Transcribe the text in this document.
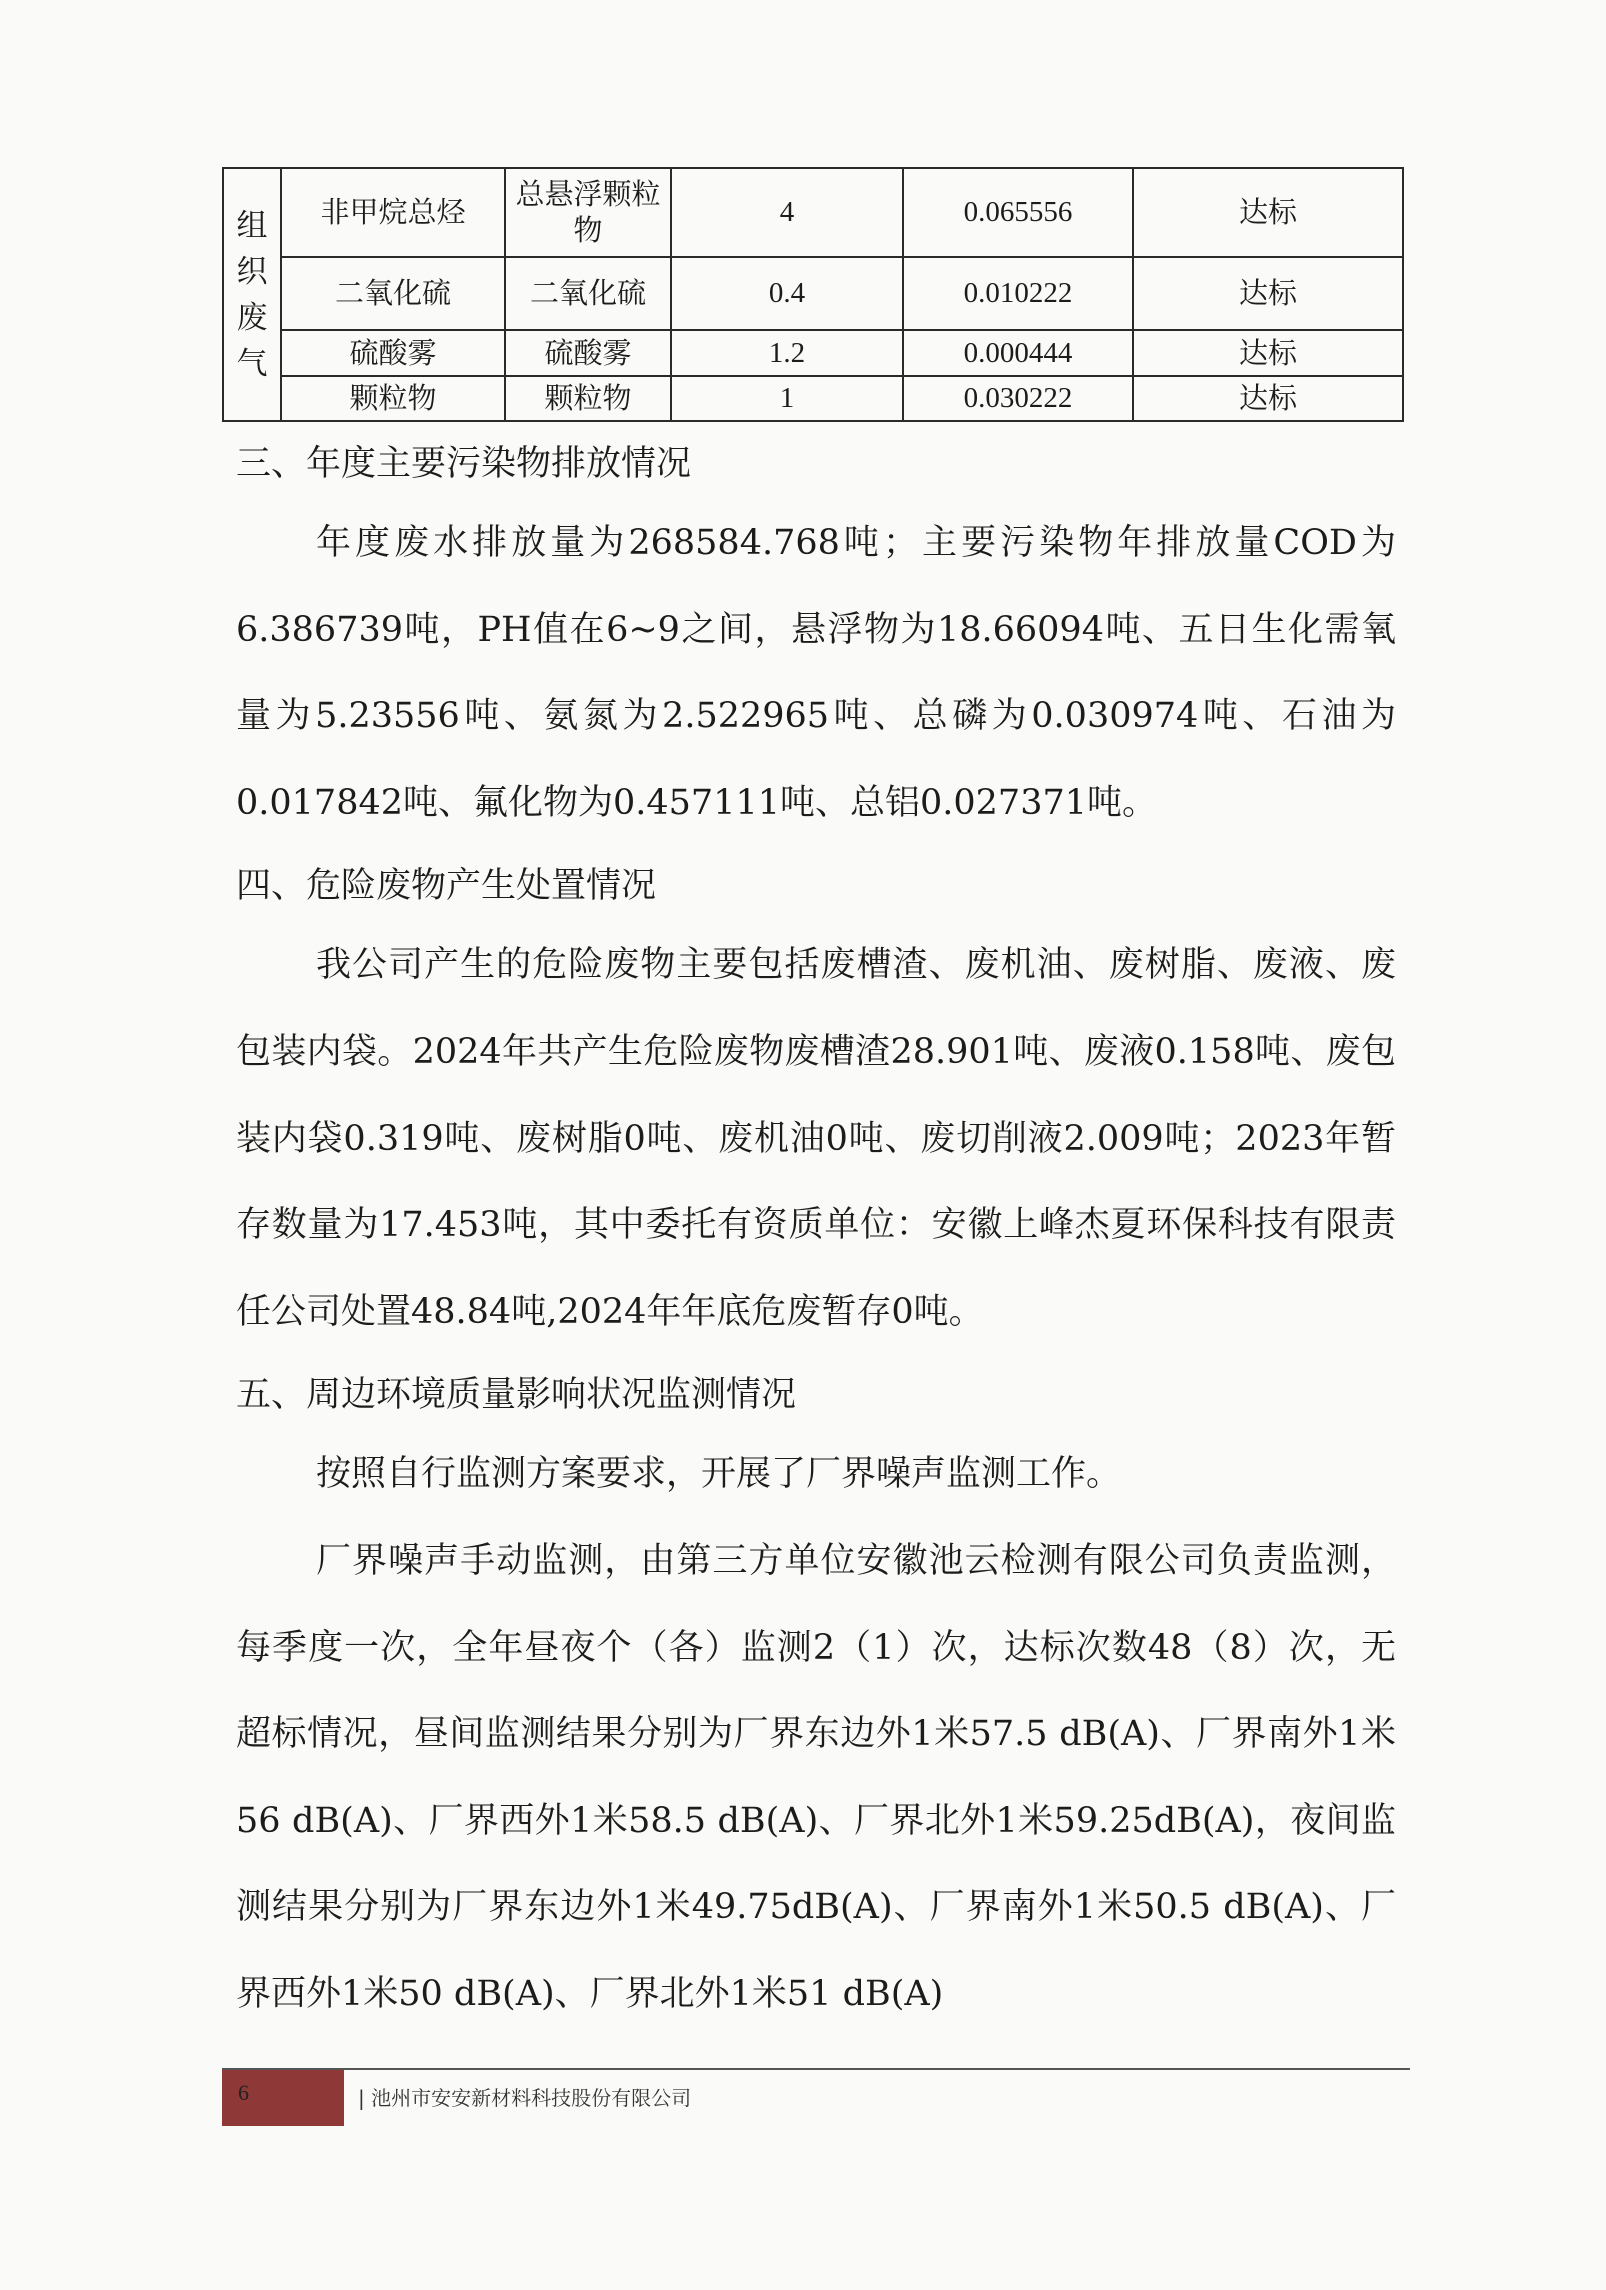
组
织
废
气	非甲烷总烃	总悬浮颗粒物	4	0.065556	达标
	二氧化硫	二氧化硫	0.4	0.010222	达标
	硫酸雾	硫酸雾	1.2	0.000444	达标
	颗粒物	颗粒物	1	0.030222	达标

三、年度主要污染物排放情况

年度废水排放量为268584.768吨；主要污染物年排放量COD为6.386739吨，PH值在6~9之间，悬浮物为18.66094吨、五日生化需氧量为5.23556吨、氨氮为2.522965吨、总磷为0.030974吨、石油为0.017842吨、氟化物为0.457111吨、总铝0.027371吨。

四、危险废物产生处置情况

我公司产生的危险废物主要包括废槽渣、废机油、废树脂、废液、废包装内袋。2024年共产生危险废物废槽渣28.901吨、废液0.158吨、废包装内袋0.319吨、废树脂0吨、废机油0吨、废切削液2.009吨；2023年暂存数量为17.453吨，其中委托有资质单位：安徽上峰杰夏环保科技有限责任公司处置48.84吨,2024年年底危废暂存0吨。

五、周边环境质量影响状况监测情况

按照自行监测方案要求，开展了厂界噪声监测工作。

厂界噪声手动监测，由第三方单位安徽池云检测有限公司负责监测，每季度一次，全年昼夜个（各）监测2（1）次，达标次数48（8）次，无超标情况，昼间监测结果分别为厂界东边外1米57.5 dB(A)、厂界南外1米56 dB(A)、厂界西外1米58.5 dB(A)、厂界北外1米59.25dB(A)，夜间监测结果分别为厂界东边外1米49.75dB(A)、厂界南外1米50.5 dB(A)、厂界西外1米50 dB(A)、厂界北外1米51 dB(A)

6	| 池州市安安新材料科技股份有限公司
